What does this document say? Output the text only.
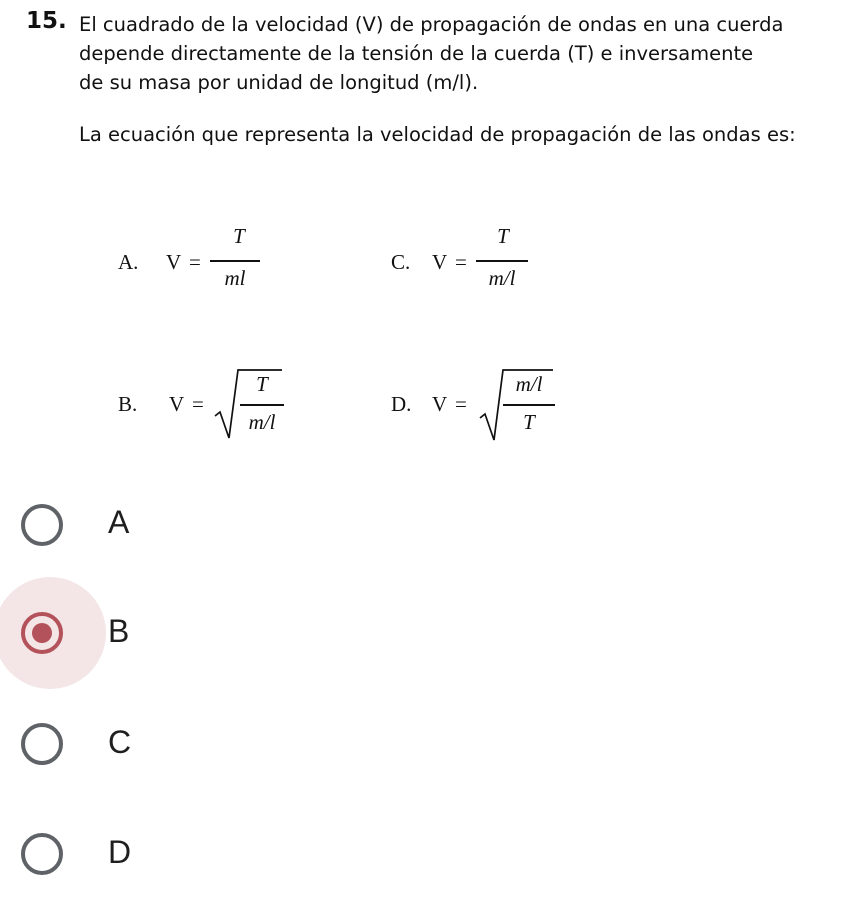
15. El cuadrado de la velocidad (V) de propagación de ondas en una cuerda
depende directamente de la tensión de la cuerda (T) e inversamente
de su masa por unidad de longitud (m/l).
La ecuación que representa la velocidad de propagación de las ondas es:
A. V =
T
ml
C. V =
T
m/l
B. V =
T
m/l
D. V =
m/l
T
A
B
C
D
